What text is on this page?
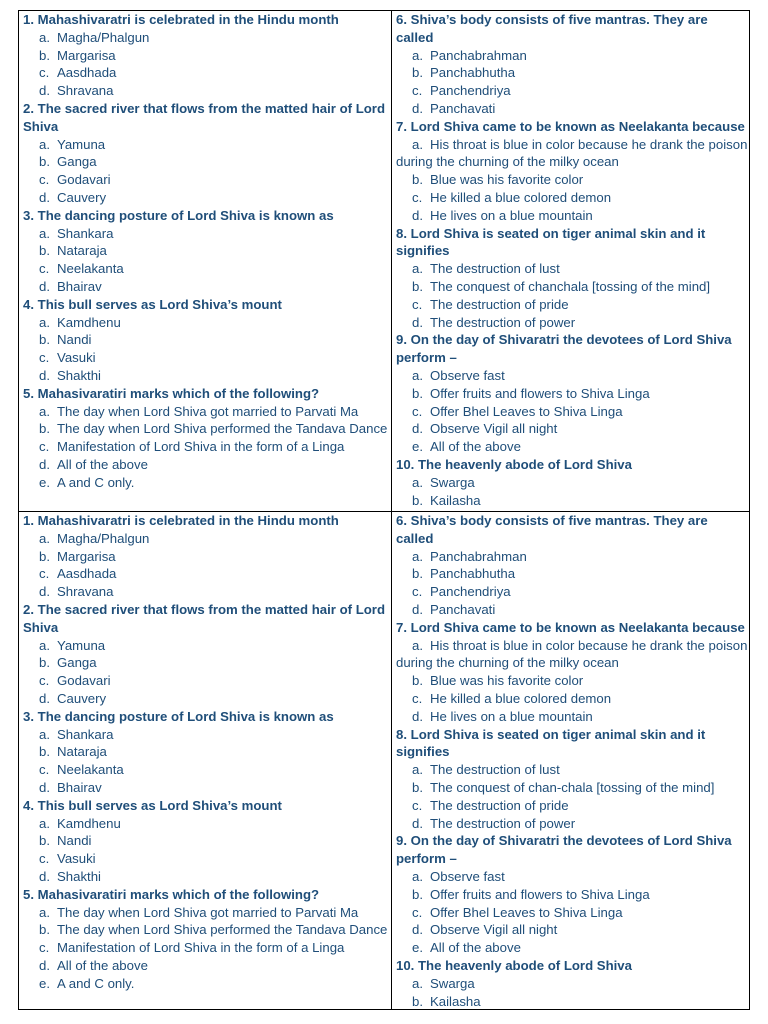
1. Mahashivaratri is celebrated in the Hindu month
a. Magha/Phalgun
b. Margarisa
c. Aasdhada
d. Shravana
2. The sacred river that flows from the matted hair of Lord Shiva
a. Yamuna
b. Ganga
c. Godavari
d. Cauvery
3. The dancing posture of Lord Shiva is known as
a. Shankara
b. Nataraja
c. Neelakanta
d. Bhairav
4. This bull serves as Lord Shiva’s mount
a. Kamdhenu
b. Nandi
c. Vasuki
d. Shakthi
5. Mahasivaratiri marks which of the following?
a. The day when Lord Shiva got married to Parvati Ma
b. The day when Lord Shiva performed the Tandava Dance
c. Manifestation of Lord Shiva in the form of a Linga
d. All of the above
e. A and C only.
6. Shiva’s body consists of five mantras. They are called
a. Panchabrahman
b. Panchabhutha
c. Panchendriya
d. Panchavati
7. Lord Shiva came to be known as Neelakanta because
a. His throat is blue in color because he drank the poison
during the churning of the milky ocean
b. Blue was his favorite color
c. He killed a blue colored demon
d. He lives on a blue mountain
8. Lord Shiva is seated on tiger animal skin and it signifies
a. The destruction of lust
b. The conquest of chanchala [tossing of the mind]
c. The destruction of pride
d. The destruction of power
9. On the day of Shivaratri the devotees of Lord Shiva perform –
a. Observe fast
b. Offer fruits and flowers to Shiva Linga
c. Offer Bhel Leaves to Shiva Linga
d. Observe Vigil all night
e. All of the above
10. The heavenly abode of Lord Shiva
a. Swarga
b. Kailasha
1. Mahashivaratri is celebrated in the Hindu month
a. Magha/Phalgun
b. Margarisa
c. Aasdhada
d. Shravana
2. The sacred river that flows from the matted hair of Lord Shiva
a. Yamuna
b. Ganga
c. Godavari
d. Cauvery
3. The dancing posture of Lord Shiva is known as
a. Shankara
b. Nataraja
c. Neelakanta
d. Bhairav
4. This bull serves as Lord Shiva’s mount
a. Kamdhenu
b. Nandi
c. Vasuki
d. Shakthi
5. Mahasivaratiri marks which of the following?
a. The day when Lord Shiva got married to Parvati Ma
b. The day when Lord Shiva performed the Tandava Dance
c. Manifestation of Lord Shiva in the form of a Linga
d. All of the above
e. A and C only.
6. Shiva’s body consists of five mantras. They are called
a. Panchabrahman
b. Panchabhutha
c. Panchendriya
d. Panchavati
7. Lord Shiva came to be known as Neelakanta because
a. His throat is blue in color because he drank the poison
during the churning of the milky ocean
b. Blue was his favorite color
c. He killed a blue colored demon
d. He lives on a blue mountain
8. Lord Shiva is seated on tiger animal skin and it signifies
a. The destruction of lust
b. The conquest of chan-chala [tossing of the mind]
c. The destruction of pride
d. The destruction of power
9. On the day of Shivaratri the devotees of Lord Shiva perform –
a. Observe fast
b. Offer fruits and flowers to Shiva Linga
c. Offer Bhel Leaves to Shiva Linga
d. Observe Vigil all night
e. All of the above
10. The heavenly abode of Lord Shiva
a. Swarga
b. Kailasha
